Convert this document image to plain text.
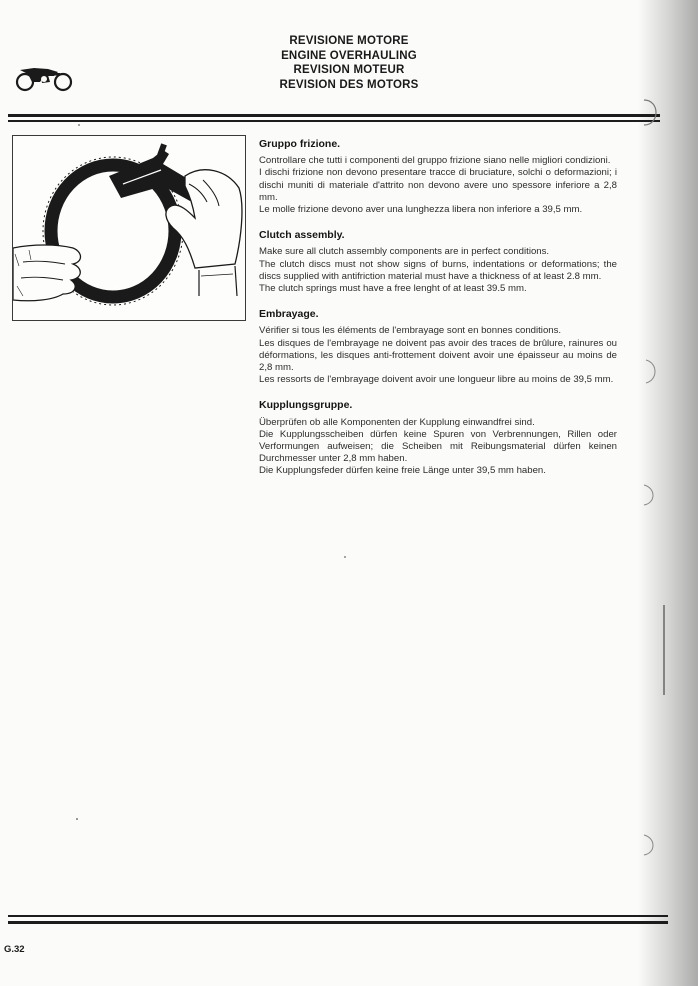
REVISIONE MOTORE
ENGINE OVERHAULING
REVISION MOTEUR
REVISION DES MOTORS
Gruppo frizione.

Controllare che tutti i componenti del gruppo frizione siano nelle migliori condizioni.

I dischi frizione non devono presentare tracce di bruciature, solchi o deformazioni; i dischi muniti di materiale d'attrito non devono avere uno spessore inferiore a 2,8 mm.

Le molle frizione devono aver una lunghezza libera non inferiore a 39,5 mm.

Clutch assembly.

Make sure all clutch assembly components are in perfect conditions.

The clutch discs must not show signs of burns, indentations or deformations; the discs supplied with antifriction material must have a thickness of at least 2.8 mm.

The clutch springs must have a free lenght of at least 39.5 mm.

Embrayage.

Vérifier si tous les éléments de l'embrayage sont en bonnes conditions.

Les disques de l'embrayage ne doivent pas avoir des traces de brûlure, rainures ou déformations, les disques anti-frottement doivent avoir une épaisseur au moins de 2,8 mm.

Les ressorts de l'embrayage doivent avoir une longueur libre au moins de 39,5 mm.

Kupplungsgruppe.

Überprüfen ob alle Komponenten der Kupplung einwandfrei sind.

Die Kupplungsscheiben dürfen keine Spuren von Verbrennungen, Rillen oder Verformungen aufweisen; die Scheiben mit Reibungsmaterial dürfen keinen Durchmesser unter 2,8 mm haben.

Die Kupplungsfeder dürfen keine freie Länge unter 39,5 mm haben.

G.32
